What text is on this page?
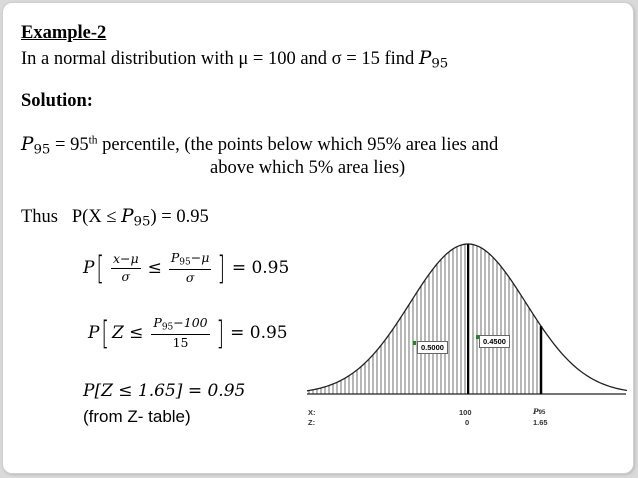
Example-2
In a normal distribution with μ = 100 and σ = 15 find $P_{95}$
Solution:
$P_{95} = 95th$ percentile, (the points below which 95% area lies and
above which 5% area lies)
Thus $P(X \le P_{95}) = 0.95$
P [ $\frac{x-\mu}{\sigma} \le \frac{P_{95}-\mu}{\sigma}$ ] = 0.95
P [ $Z \le \frac{P_{95}-100}{15}$ ] = 0.95
P[Z ≤ 1.65] = 0.95
(from Z- table)
0.5000
0.4500
X:
Z:
100
0
P95
1.65
